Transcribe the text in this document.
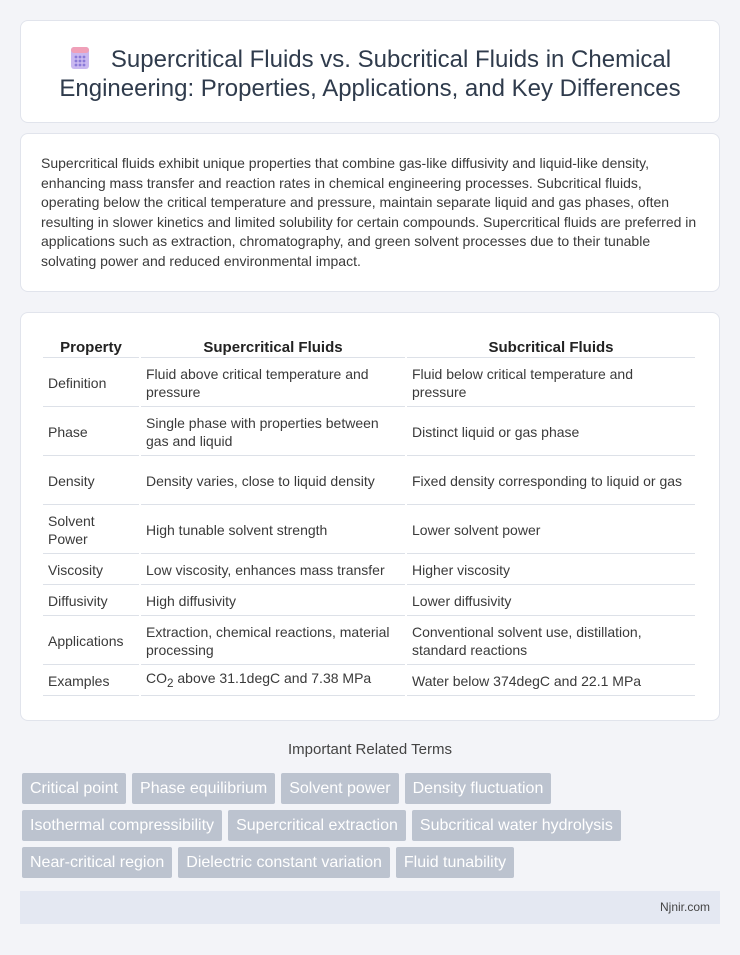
Supercritical Fluids vs. Subcritical Fluids in Chemical
Engineering: Properties, Applications, and Key Differences

Supercritical fluids exhibit unique properties that combine gas-like diffusivity and liquid-like density, enhancing mass transfer and reaction rates in chemical engineering processes. Subcritical fluids, operating below the critical temperature and pressure, maintain separate liquid and gas phases, often resulting in slower kinetics and limited solubility for certain compounds. Supercritical fluids are preferred in applications such as extraction, chromatography, and green solvent processes due to their tunable solvating power and reduced environmental impact.

Property	Supercritical Fluids	Subcritical Fluids
Definition	Fluid above critical temperature and pressure	Fluid below critical temperature and pressure
Phase	Single phase with properties between gas and liquid	Distinct liquid or gas phase
Density	Density varies, close to liquid density	Fixed density corresponding to liquid or gas
Solvent Power	High tunable solvent strength	Lower solvent power
Viscosity	Low viscosity, enhances mass transfer	Higher viscosity
Diffusivity	High diffusivity	Lower diffusivity
Applications	Extraction, chemical reactions, material processing	Conventional solvent use, distillation, standard reactions
Examples	$CO_2$ above 31.1degC and 7.38 MPa	Water below 374degC and 22.1 MPa
Important Related Terms
Critical point	Phase equilibrium	Solvent power	Density fluctuation
Isothermal compressibility	Supercritical extraction	Subcritical water hydrolysis
Near-critical region	Dielectric constant variation	Fluid tunability
Njnir.com
